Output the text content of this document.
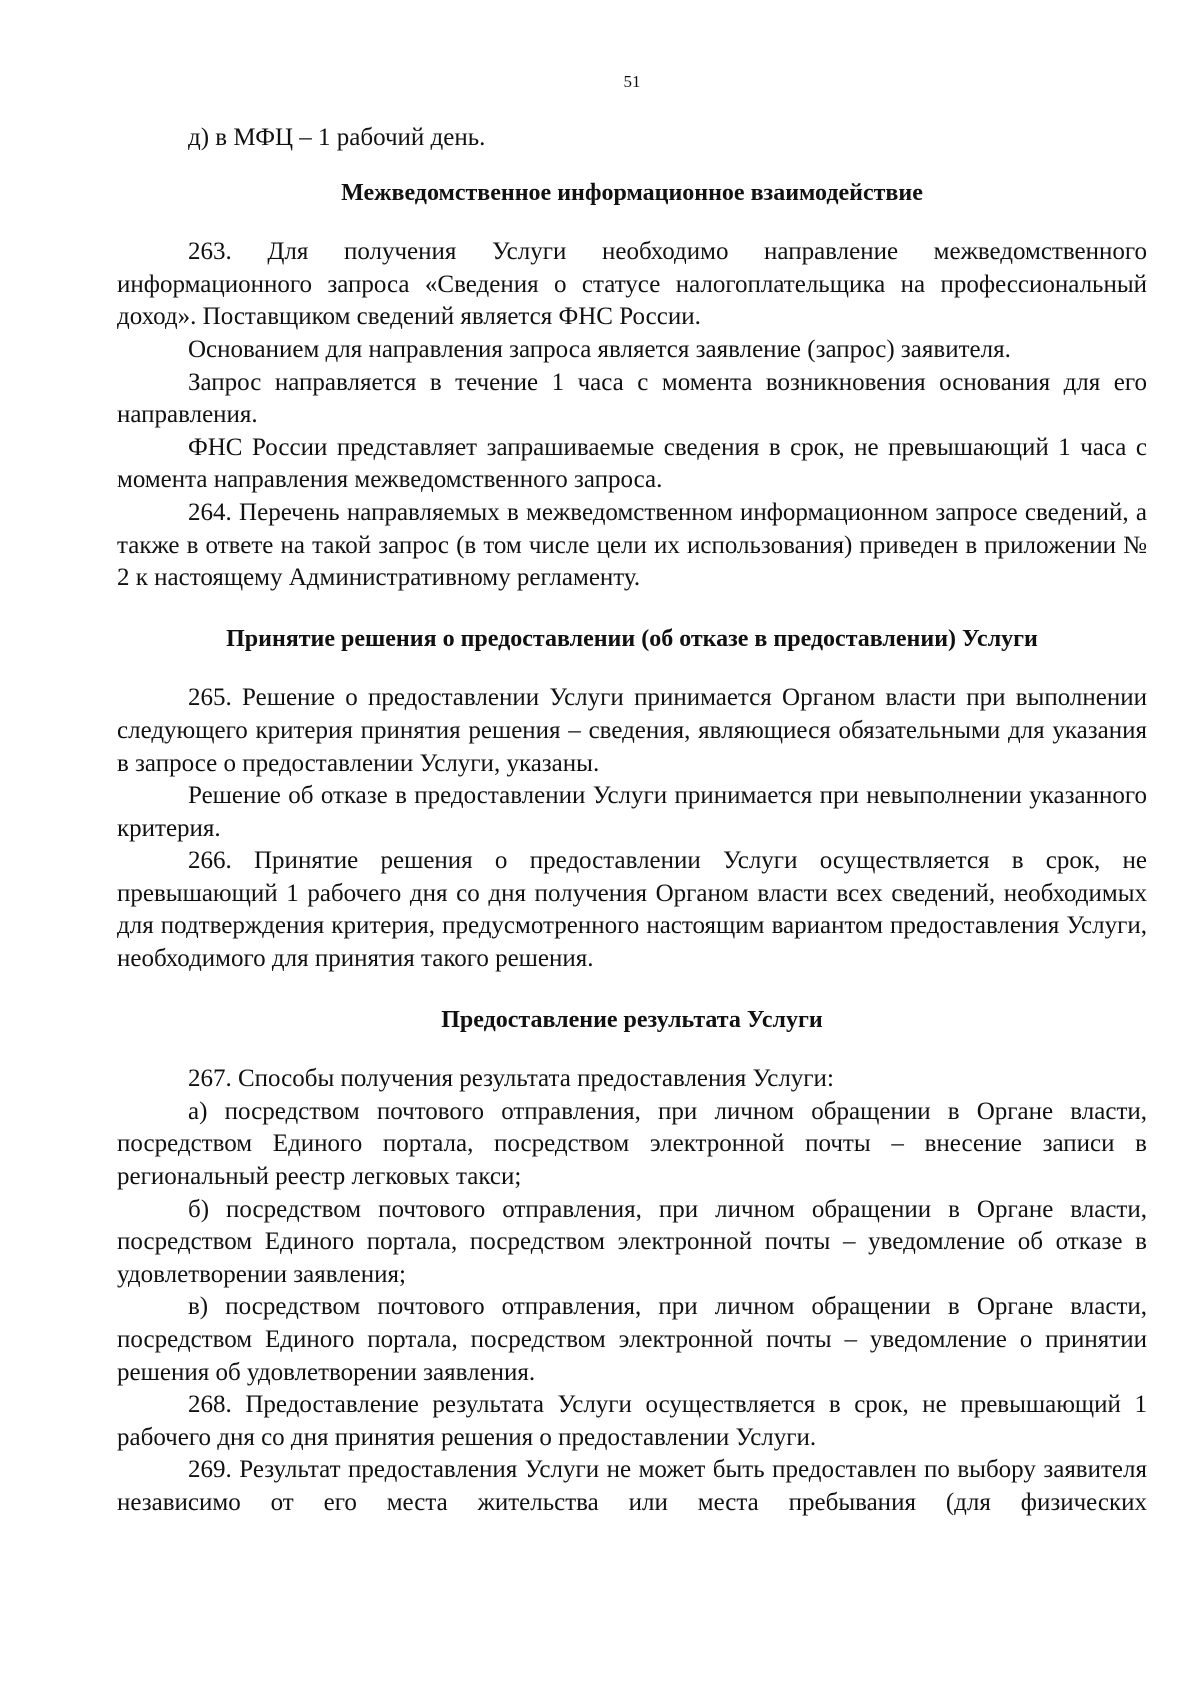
51

д) в МФЦ – 1 рабочий день.

Межведомственное информационное взаимодействие

263. Для получения Услуги необходимо направление межведомственного информационного запроса «Сведения о статусе налогоплательщика на профессиональный доход». Поставщиком сведений является ФНС России.

Основанием для направления запроса является заявление (запрос) заявителя.

Запрос направляется в течение 1 часа с момента возникновения основания для его направления.

ФНС России представляет запрашиваемые сведения в срок, не превышающий 1 часа с момента направления межведомственного запроса.

264. Перечень направляемых в межведомственном информационном запросе сведений, а также в ответе на такой запрос (в том числе цели их использования) приведен в приложении № 2 к настоящему Административному регламенту.

Принятие решения о предоставлении (об отказе в предоставлении) Услуги

265. Решение о предоставлении Услуги принимается Органом власти при выполнении следующего критерия принятия решения – сведения, являющиеся обязательными для указания в запросе о предоставлении Услуги, указаны.

Решение об отказе в предоставлении Услуги принимается при невыполнении указанного критерия.

266. Принятие решения о предоставлении Услуги осуществляется в срок, не превышающий 1 рабочего дня со дня получения Органом власти всех сведений, необходимых для подтверждения критерия, предусмотренного настоящим вариантом предоставления Услуги, необходимого для принятия такого решения.

Предоставление результата Услуги

267. Способы получения результата предоставления Услуги:

а) посредством почтового отправления, при личном обращении в Органе власти, посредством Единого портала, посредством электронной почты – внесение записи в региональный реестр легковых такси;

б) посредством почтового отправления, при личном обращении в Органе власти, посредством Единого портала, посредством электронной почты – уведомление об отказе в удовлетворении заявления;

в) посредством почтового отправления, при личном обращении в Органе власти, посредством Единого портала, посредством электронной почты – уведомление о принятии решения об удовлетворении заявления.

268. Предоставление результата Услуги осуществляется в срок, не превышающий 1 рабочего дня со дня принятия решения о предоставлении Услуги.

269. Результат предоставления Услуги не может быть предоставлен по выбору заявителя независимо от его места жительства или места пребывания (для физических
